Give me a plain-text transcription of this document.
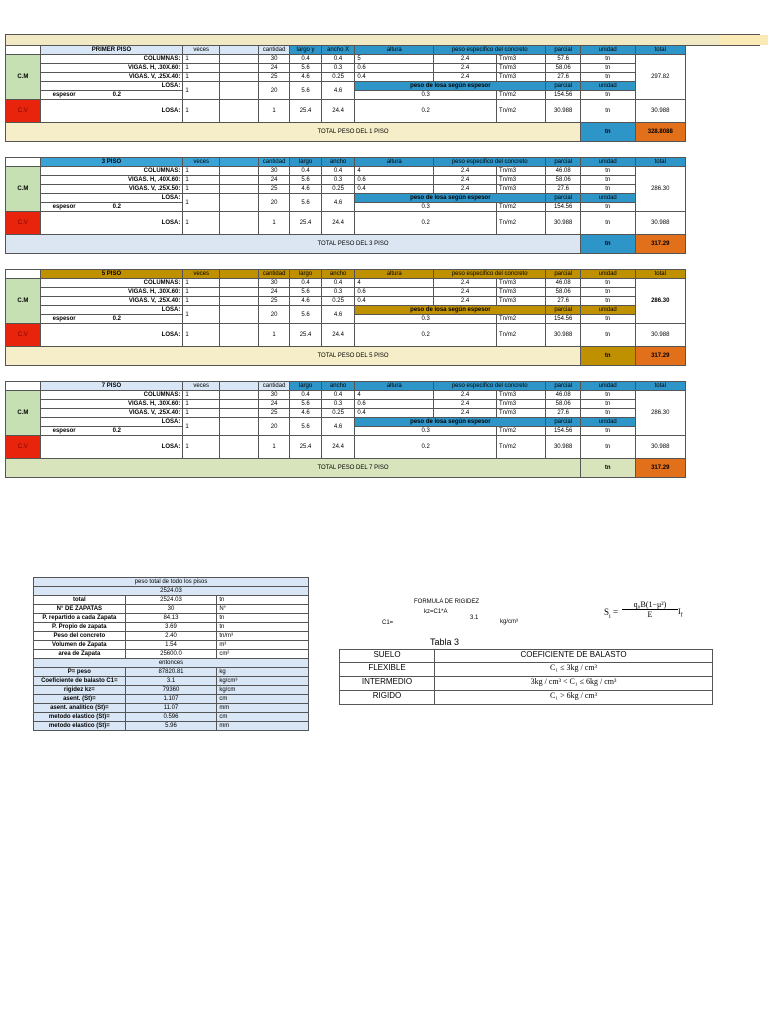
	PRIMER PISO	veces		cantidad	largo y	ancho X	altura	peso especifico del concreto		parcial	unidad	total
C.M	COLUMNAS:	1		30	0.4	0.4	5	2.4	Tn/m3	57.6	tn	297.82
	VIGAS. H, .30X.60:	1		24	5.6	0.3	0.6	2.4	Tn/m3	58.06	tn	
	VIGAS. V, .25X.40:	1		25	4.6	0.25	0.4	2.4	Tn/m3	27.6	tn	
	LOSA:	1		20	5.6	4.6	peso de losa según espesor			parcial	unidad	
	espesor 0.2						0.3		Tn/m2	154.56	tn	
C.V	LOSA:	1		1	25.4	24.4	0.2		Tn/m2	30.988	tn	30.988
TOTAL PESO DEL 1 PISO											tn	328.8088
	3 PISO	veces		cantidad	largo	ancho	altura	peso especifico del concreto		parcial	unidad	total
C.M	COLUMNAS:	1		30	0.4	0.4	4	2.4	Tn/m3	46.08	tn	286.30
	VIGAS. H, .40X.60:	1		24	5.6	0.3	0.6	2.4	Tn/m3	58.06	tn	
	VIGAS. V, .25X.50:	1		25	4.6	0.25	0.4	2.4	Tn/m3	27.6	tn	
	LOSA:	1		20	5.6	4.6	peso de losa según espesor			parcial	unidad	
	espesor 0.2						0.3		Tn/m2	154.56	tn	
C.V	LOSA:	1		1	25.4	24.4	0.2		Tn/m2	30.988	tn	30.988
TOTAL PESO DEL 3 PISO											tn	317.29
	5 PISO	veces		cantidad	largo	ancho	altura	peso especifico del concreto		parcial	unidad	total
C.M	COLUMNAS:	1		30	0.4	0.4	4	2.4	Tn/m3	46.08	tn	286.30
	VIGAS. H, .30X.60:	1		24	5.6	0.3	0.6	2.4	Tn/m3	58.06	tn	
	VIGAS. V, .25X.40:	1		25	4.6	0.25	0.4	2.4	Tn/m3	27.6	tn	
	LOSA:	1		20	5.6	4.6	peso de losa según espesor			parcial	unidad	
	espesor 0.2						0.3		Tn/m2	154.56	tn	
C.V	LOSA:	1		1	25.4	24.4	0.2		Tn/m2	30.988	tn	30.988
TOTAL PESO DEL 5 PISO											tn	317.29
	7 PISO	veces		cantidad	largo	ancho	altura	peso especifico del concreto		parcial	unidad	total
C.M	COLUMNAS:	1		30	0.4	0.4	4	2.4	Tn/m3	46.08	tn	286.30
	VIGAS. H, .30X.60:	1		24	5.6	0.3	0.6	2.4	Tn/m3	58.06	tn	
	VIGAS. V, .25X.40:	1		25	4.6	0.25	0.4	2.4	Tn/m3	27.6	tn	
	LOSA:	1		20	5.6	4.6	peso de losa según espesor			parcial	unidad	
	espesor 0.2						0.3		Tn/m2	154.56	tn	
C.V	LOSA:	1		1	25.4	24.4	0.2		Tn/m2	30.988	tn	30.988
TOTAL PESO DEL 7 PISO											tn	317.29
peso total de todo los pisos		
2524.03		
total	2524.03	tn
N° DE ZAPATAS	30	N°
P. repartido a cada Zapata	84.13	tn
P. Propio de zapata	3.69	tn
Peso del concreto	2.40	tn/m³
Volumen de Zapata	1.54	m³
area de Zapata	25600.0	cm²
entonces		
P= peso	87820.81	kg
Coeficiente de balasto C1=	3.1	kg/cm³
rigidez kz=	79360	kg/cm
asent. (St)=	1.107	cm
asent. analitico (St)=	11.07	mm
metodo elastico (St)=	0.596	cm
metodo elastico (St)=	5.96	mm
FORMULA DE RIGIDEZ
kz=C1*A
C1=
3.1
kg/cm³
$S_i = \frac{\text{q₀B(1−μ²)}}{E} I_f$
Tabla 3
SUELO	COEFICIENTE DE BALASTO
FLEXIBLE	C₁ ≤ 3kg / cm³
INTERMEDIO	3kg / cm³ < C₁ ≤ 6kg / cm³
RIGIDO	C₁ > 6kg / cm³
